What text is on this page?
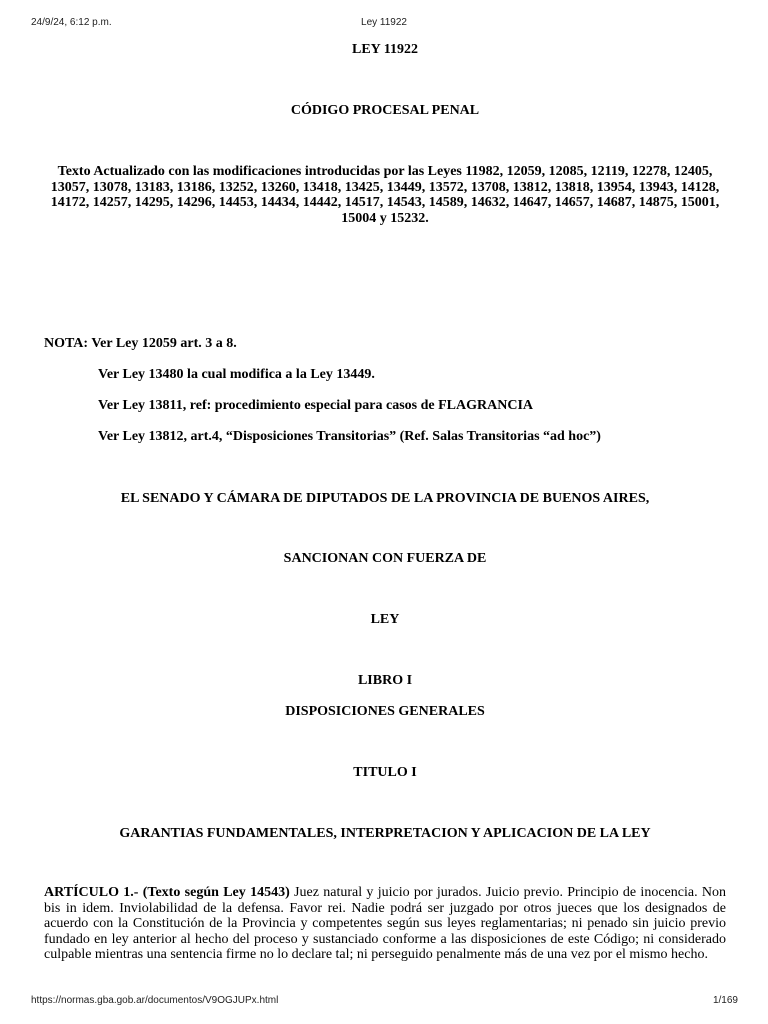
Ley 11922
24/9/24, 6:12 p.m.
LEY 11922
CÓDIGO PROCESAL PENAL
Texto Actualizado con las modificaciones introducidas por las Leyes 11982, 12059, 12085, 12119, 12278, 12405, 13057, 13078, 13183, 13186, 13252, 13260, 13418, 13425, 13449, 13572, 13708, 13812, 13818, 13954, 13943, 14128, 14172, 14257, 14295, 14296, 14453, 14434, 14442, 14517, 14543, 14589, 14632, 14647, 14657, 14687, 14875, 15001, 15004 y 15232.
NOTA: Ver Ley 12059 art. 3 a 8.
Ver Ley 13480 la cual modifica a la Ley 13449.
Ver Ley 13811, ref: procedimiento especial para casos de FLAGRANCIA
Ver Ley 13812, art.4, “Disposiciones Transitorias” (Ref. Salas Transitorias “ad hoc”)
EL SENADO Y CÁMARA DE DIPUTADOS DE LA PROVINCIA DE BUENOS AIRES,
SANCIONAN CON FUERZA DE
LEY
LIBRO I
DISPOSICIONES GENERALES
TITULO I
GARANTIAS FUNDAMENTALES, INTERPRETACION Y APLICACION DE LA LEY
ARTÍCULO 1.- (Texto según Ley 14543) Juez natural y juicio por jurados. Juicio previo. Principio de inocencia. Non bis in idem. Inviolabilidad de la defensa. Favor rei. Nadie podrá ser juzgado por otros jueces que los designados de acuerdo con la Constitución de la Provincia y competentes según sus leyes reglamentarias; ni penado sin juicio previo fundado en ley anterior al hecho del proceso y sustanciado conforme a las disposiciones de este Código; ni considerado culpable mientras una sentencia firme no lo declare tal; ni perseguido penalmente más de una vez por el mismo hecho.
https://normas.gba.gob.ar/documentos/V9OGJUPx.html	1/169
